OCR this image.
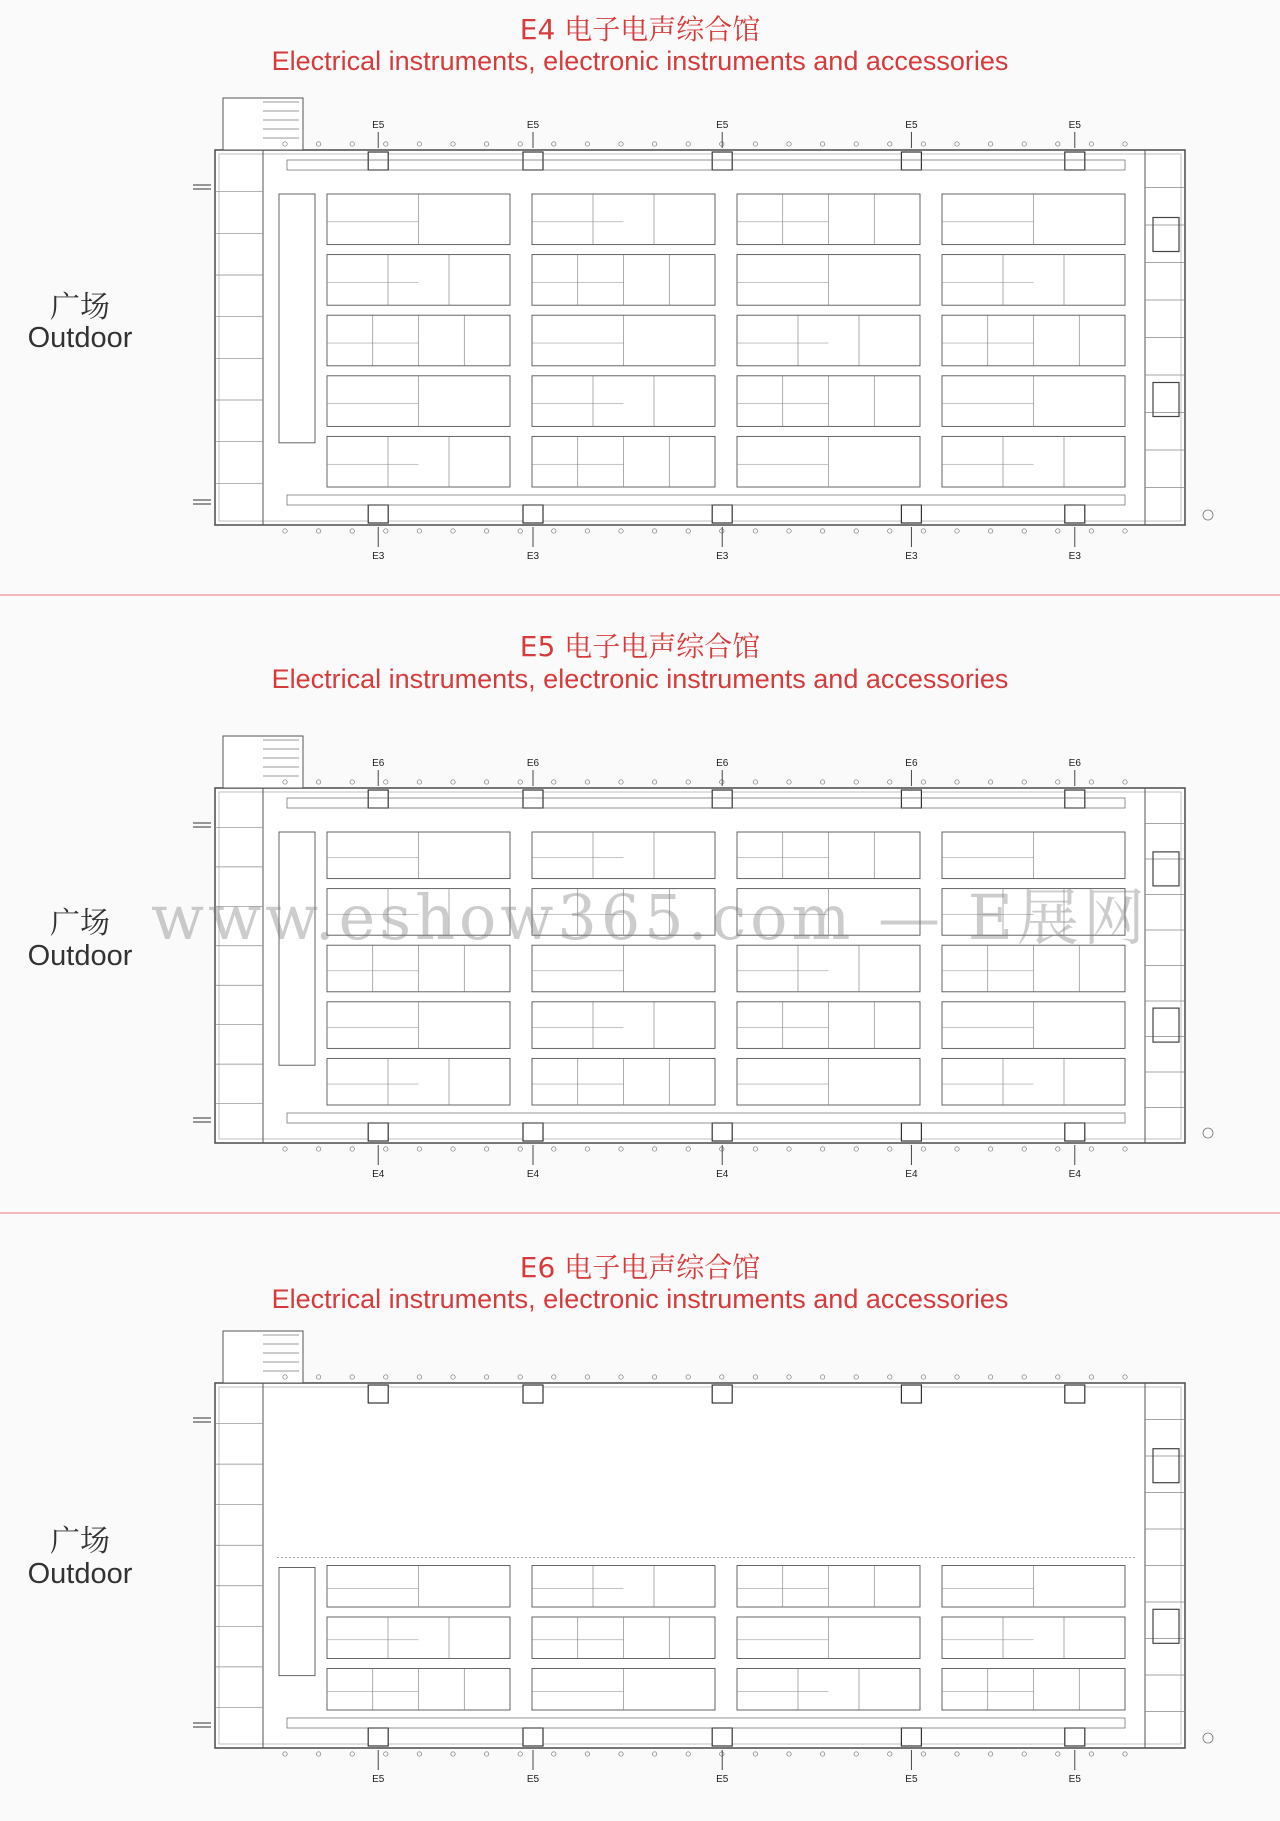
E4 电子电声综合馆
Electrical instruments, electronic instruments and accessories
广场
Outdoor
E5
E3
E5
E3
E5
E3
E5
E3
E5
E3
E5 电子电声综合馆
Electrical instruments, electronic instruments and accessories
广场
Outdoor
E6
E4
E6
E4
E6
E4
E6
E4
E6
E4
www.eshow365.com — E展网
E6 电子电声综合馆
Electrical instruments, electronic instruments and accessories
广场
Outdoor
E5	E5	E5	E5	E5
